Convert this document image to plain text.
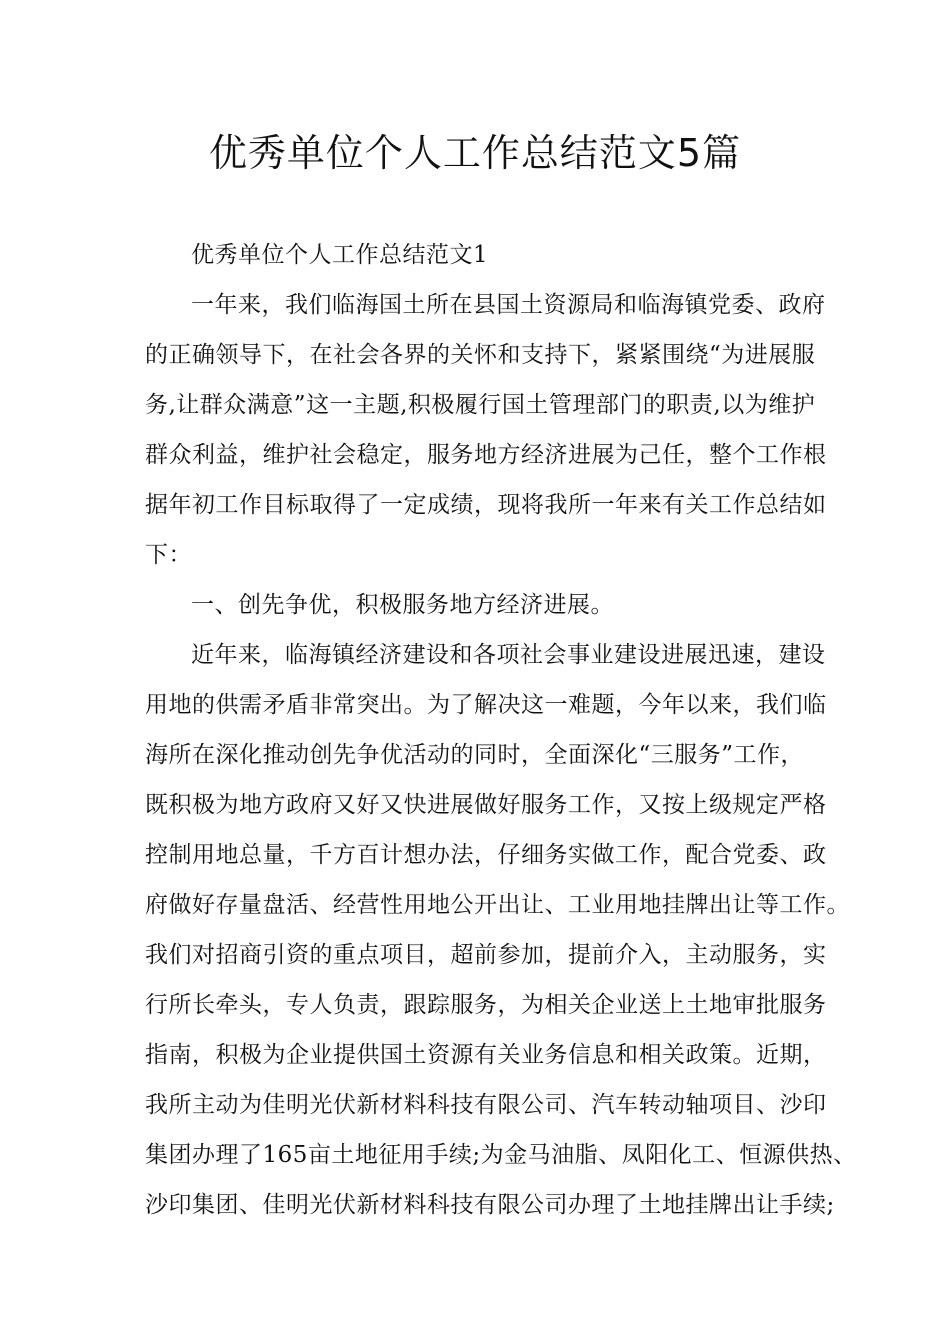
优秀单位个人工作总结范文5篇

优秀单位个人工作总结范文1

一年来，我们临海国土所在县国土资源局和临海镇党委、政府
的正确领导下，在社会各界的关怀和支持下，紧紧围绕“为进展服
务,让群众满意”这一主题,积极履行国土管理部门的职责,以为维护
群众利益，维护社会稳定，服务地方经济进展为己任，整个工作根
据年初工作目标取得了一定成绩，现将我所一年来有关工作总结如
下：

一、创先争优，积极服务地方经济进展。

近年来，临海镇经济建设和各项社会事业建设进展迅速，建设
用地的供需矛盾非常突出。为了解决这一难题，今年以来，我们临
海所在深化推动创先争优活动的同时，全面深化“三服务”工作，
既积极为地方政府又好又快进展做好服务工作，又按上级规定严格
控制用地总量，千方百计想办法，仔细务实做工作，配合党委、政
府做好存量盘活、经营性用地公开出让、工业用地挂牌出让等工作。
我们对招商引资的重点项目，超前参加，提前介入，主动服务，实
行所长牵头，专人负责，跟踪服务，为相关企业送上土地审批服务
指南，积极为企业提供国土资源有关业务信息和相关政策。近期，
我所主动为佳明光伏新材料科技有限公司、汽车转动轴项目、沙印
集团办理了165亩土地征用手续;为金马油脂、凤阳化工、恒源供热、
沙印集团、佳明光伏新材料科技有限公司办理了土地挂牌出让手续;
